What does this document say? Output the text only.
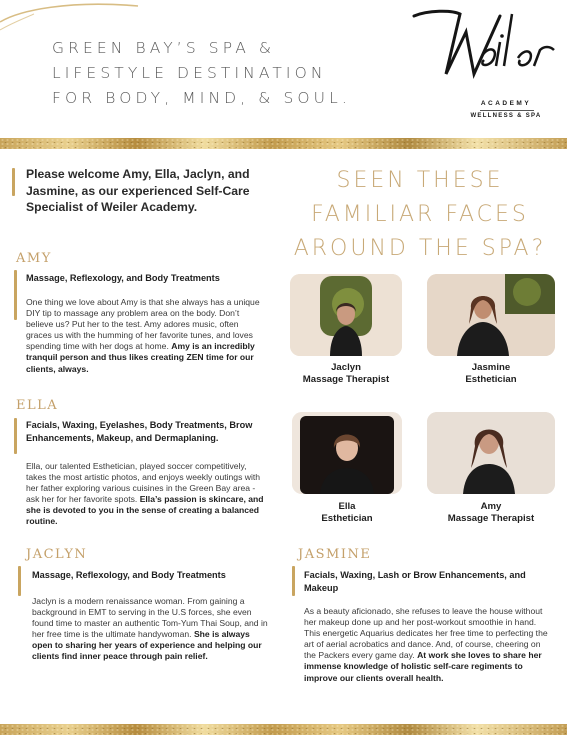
GREEN BAY’S SPA &
LIFESTYLE DESTINATION
FOR BODY, MIND, & SOUL.	ACADEMY
WELLNESS & SPA
Please welcome Amy, Ella, Jaclyn, and Jasmine, as our experienced Self-Care Specialist of Weiler Academy.
SEEN THESE
FAMILIAR FACES
AROUND THE SPA?
AMY
Massage, Reflexology, and Body Treatments
One thing we love about Amy is that she always has a unique DIY tip to massage any problem area on the body. Don’t believe us? Put her to the test. Amy adores music, often graces us with the humming of her favorite tunes, and loves spending time with her dogs at home. Amy is an incredibly tranquil person and thus likes creating ZEN time for our clients, always.
ELLA
Facials, Waxing, Eyelashes, Body Treatments, Brow Enhancements, Makeup, and Dermaplaning.
Ella, our talented Esthetician, played soccer competitively, takes the most artistic photos, and enjoys weekly outings with her father exploring various cuisines in the Green Bay area - ask her for her favorite spots. Ella’s passion is skincare, and she is devoted to you in the sense of creating a balanced routine.
JACLYN
Massage, Reflexology, and Body Treatments
Jaclyn is a modern renaissance woman. From gaining a background in EMT to serving in the U.S forces, she even found time to master an authentic Tom-Yum Thai Soup, and in her free time is the ultimate handywoman. She is always open to sharing her years of experience and helping our clients find inner peace through pain relief.
JASMINE
Facials, Waxing, Lash or Brow Enhancements, and Makeup
As a beauty aficionado, she refuses to leave the house without her makeup done up and her post-workout smoothie in hand. This energetic Aquarius dedicates her free time to perfecting the art of aerial acrobatics and dance. And, of course, cheering on the Packers every game day. At work she loves to share her immense knowledge of holistic self-care regiments to improve our clients overall health.
Jaclyn
Massage Therapist
Jasmine
Esthetician
Ella
Esthetician
Amy
Massage Therapist
